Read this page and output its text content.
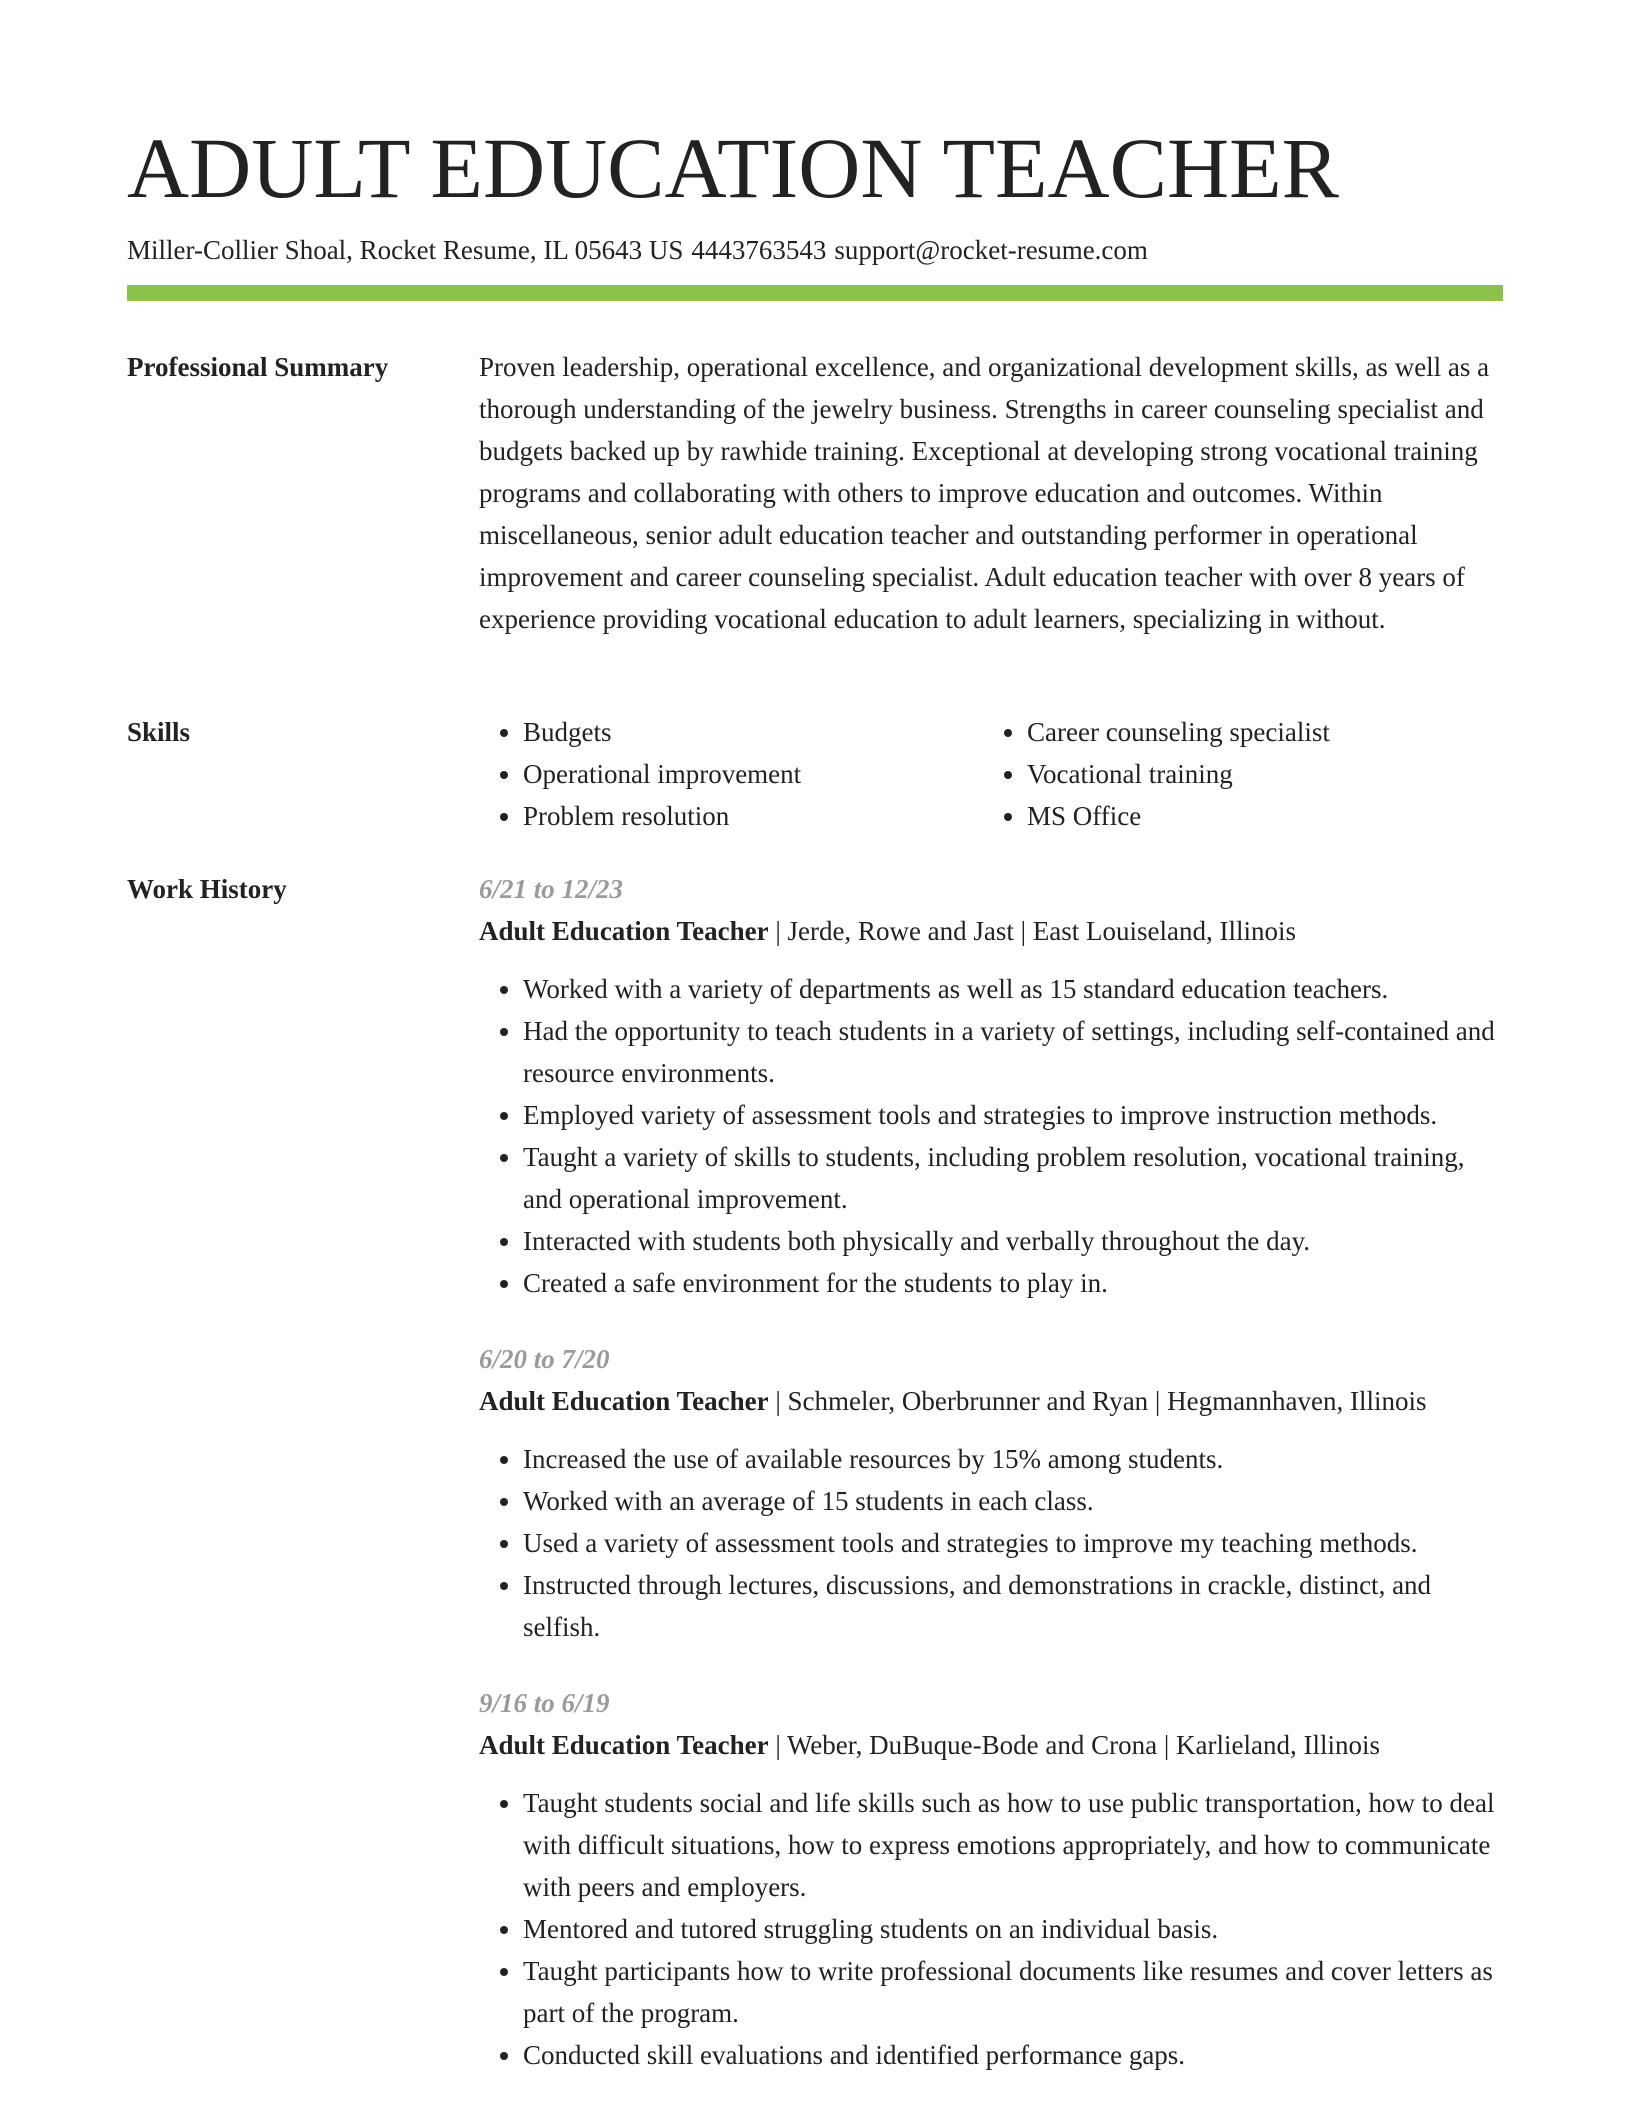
ADULT EDUCATION TEACHER
Miller-Collier Shoal, Rocket Resume, IL 05643 US 4443763543 support@rocket-resume.com
Professional Summary	Proven leadership, operational excellence, and organizational development skills, as well as a thorough understanding of the jewelry business. Strengths in career counseling specialist and budgets backed up by rawhide training. Exceptional at developing strong vocational training programs and collaborating with others to improve education and outcomes. Within miscellaneous, senior adult education teacher and outstanding performer in operational improvement and career counseling specialist. Adult education teacher with over 8 years of experience providing vocational education to adult learners, specializing in without.

Skills
•	Budgets
• Operational improvement
• Problem resolution
• Career counseling specialist
• Vocational training
• MS Office
Work History	6/21 to 12/23
Adult Education Teacher | Jerde, Rowe and Jast | East Louiseland, Illinois
• Worked with a variety of departments as well as 15 standard education teachers.
• Had the opportunity to teach students in a variety of settings, including self-contained and resource environments.
• Employed variety of assessment tools and strategies to improve instruction methods.
• Taught a variety of skills to students, including problem resolution, vocational training, and operational improvement.
• Interacted with students both physically and verbally throughout the day.
• Created a safe environment for the students to play in.
6/20 to 7/20
Adult Education Teacher | Schmeler, Oberbrunner and Ryan | Hegmannhaven, Illinois
• Increased the use of available resources by 15% among students.
• Worked with an average of 15 students in each class.
• Used a variety of assessment tools and strategies to improve my teaching methods.
• Instructed through lectures, discussions, and demonstrations in crackle, distinct, and selfish.
9/16 to 6/19
Adult Education Teacher | Weber, DuBuque-Bode and Crona | Karlieland, Illinois
• Taught students social and life skills such as how to use public transportation, how to deal with difficult situations, how to express emotions appropriately, and how to communicate with peers and employers.
• Mentored and tutored struggling students on an individual basis.
• Taught participants how to write professional documents like resumes and cover letters as part of the program.
• Conducted skill evaluations and identified performance gaps.
